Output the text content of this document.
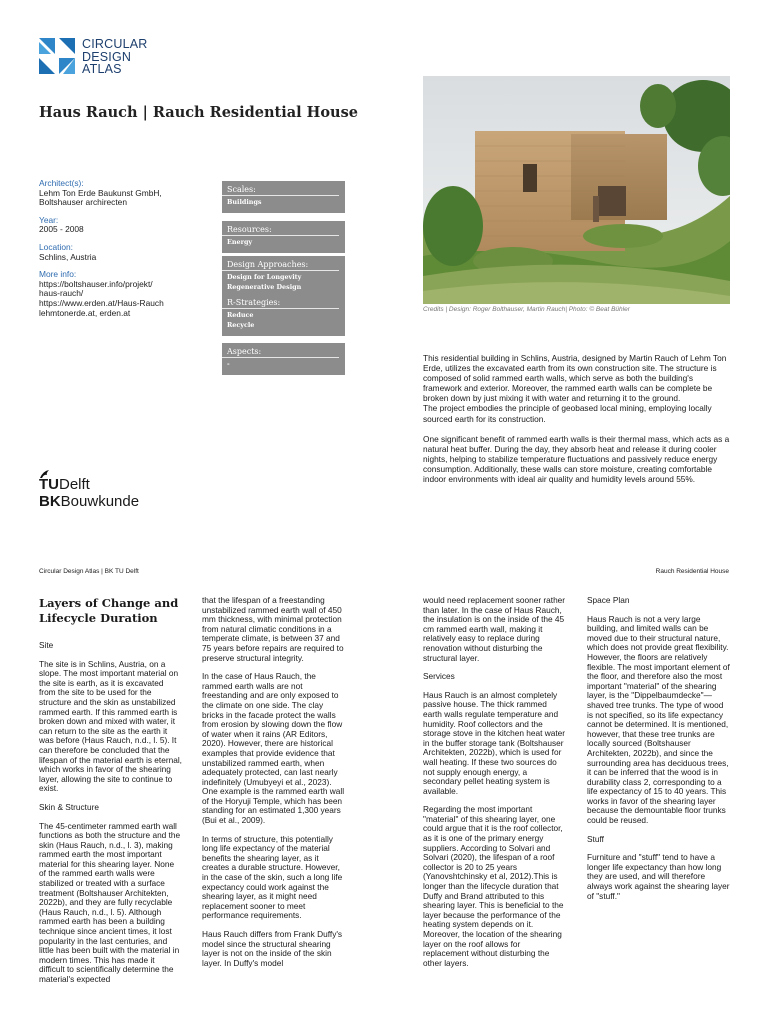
CIRCULAR
DESIGN
ATLAS
Haus Rauch | Rauch Residential House
Credits | Design: Roger Bolthauser, Martin Rauch| Photo: © Beat Bühler
Architect(s):
Lehm Ton Erde Baukunst GmbH,
Boltshauser archirecten
Year:
2005 - 2008
Location:
Schlins, Austria
More info:
https://boltshauser.info/projekt/
haus-rauch/
https://www.erden.at/Haus-Rauch
lehmtonerde.at, erden.at
Scales:
Buildings
Resources:
Energy
Design Approaches:
Design for Longevity
Regenerative Design
R-Strategies:
Reduce
Recycle
Aspects:
-

This residential building in Schlins, Austria, designed by Martin Rauch of Lehm Ton Erde, utilizes the excavated earth from its own construction site. The structure is composed of solid rammed earth walls, which serve as both the building's framework and exterior. Moreover, the rammed earth walls can be complete be broken down by just mixing it with water and returning it to the ground.
The project embodies the principle of geobased local mining, employing locally sourced earth for its construction.

One significant benefit of rammed earth walls is their thermal mass, which acts as a natural heat buffer. During the day, they absorb heat and release it during cooler nights, helping to stabilize temperature fluctuations and passively reduce energy consumption. Additionally, these walls can store moisture, creating comfortable indoor environments with ideal air quality and humidity levels around 55%.

TUDelft
BKBouwkunde
Circular Design Atlas | BK TU Delft	Rauch Residential House
Layers of Change and Lifecycle Duration

Site

The site is in Schlins, Austria, on a slope. The most important material on the site is earth, as it is excavated from the site to be used for the structure and the skin as unstabilized rammed earth. If this rammed earth is broken down and mixed with water, it can return to the site as the earth it was before (Haus Rauch, n.d., l. 5). It can therefore be concluded that the lifespan of the material earth is eternal, which works in favor of the shearing layer, allowing the site to continue to exist.

Skin & Structure

The 45-centimeter rammed earth wall functions as both the structure and the skin (Haus Rauch, n.d., l. 3), making rammed earth the most important material for this shearing layer. None of the rammed earth walls were stabilized or treated with a surface treatment (Boltshauser Architekten, 2022b), and they are fully recyclable (Haus Rauch, n.d., l. 5). Although rammed earth has been a building technique since ancient times, it lost popularity in the last centuries, and little has been built with the material in modern times. This has made it difficult to scientifically determine the material's expected

that the lifespan of a freestanding unstabilized rammed earth wall of 450 mm thickness, with minimal protection from natural climatic conditions in a temperate climate, is between 37 and 75 years before repairs are required to preserve structural integrity.

In the case of Haus Rauch, the rammed earth walls are not freestanding and are only exposed to the climate on one side. The clay bricks in the facade protect the walls from erosion by slowing down the flow of water when it rains (AR Editors, 2020). However, there are historical examples that provide evidence that unstabilized rammed earth, when adequately protected, can last nearly indefinitely (Umubyeyi et al., 2023). One example is the rammed earth wall of the Horyuji Temple, which has been standing for an estimated 1,300 years (Bui et al., 2009).

In terms of structure, this potentially long life expectancy of the material benefits the shearing layer, as it creates a durable structure. However, in the case of the skin, such a long life expectancy could work against the shearing layer, as it might need replacement sooner to meet performance requirements.

Haus Rauch differs from Frank Duffy's model since the structural shearing layer is not on the inside of the skin layer. In Duffy's model

would need replacement sooner rather than later. In the case of Haus Rauch, the insulation is on the inside of the 45 cm rammed earth wall, making it relatively easy to replace during renovation without disturbing the structural layer.

Services

Haus Rauch is an almost completely passive house. The thick rammed earth walls regulate temperature and humidity. Roof collectors and the storage stove in the kitchen heat water in the buffer storage tank (Boltshauser Architekten, 2022b), which is used for wall heating. If these two sources do not supply enough energy, a secondary pellet heating system is available.

Regarding the most important "material" of this shearing layer, one could argue that it is the roof collector, as it is one of the primary energy suppliers. According to Solvari and Solvari (2020), the lifespan of a roof collector is 20 to 25 years (Yanovshtchinsky et al, 2012).This is longer than the lifecycle duration that Duffy and Brand attributed to this shearing layer. This is beneficial to the layer because the performance of the heating system depends on it. Moreover, the location of the shearing layer on the roof allows for replacement without disturbing the other layers.

Space Plan

Haus Rauch is not a very large building, and limited walls can be moved due to their structural nature, which does not provide great flexibility. However, the floors are relatively flexible. The most important element of the floor, and therefore also the most important "material" of the shearing layer, is the "Dippelbaumdecke"—shaved tree trunks. The type of wood is not specified, so its life expectancy cannot be determined. It is mentioned, however, that these tree trunks are locally sourced (Boltshauser Architekten, 2022b), and since the surrounding area has deciduous trees, it can be inferred that the wood is in durability class 2, corresponding to a life expectancy of 15 to 40 years. This works in favor of the shearing layer because the demountable floor trunks could be reused.

Stuff

Furniture and "stuff" tend to have a longer life expectancy than how long they are used, and will therefore always work against the shearing layer of "stuff."
